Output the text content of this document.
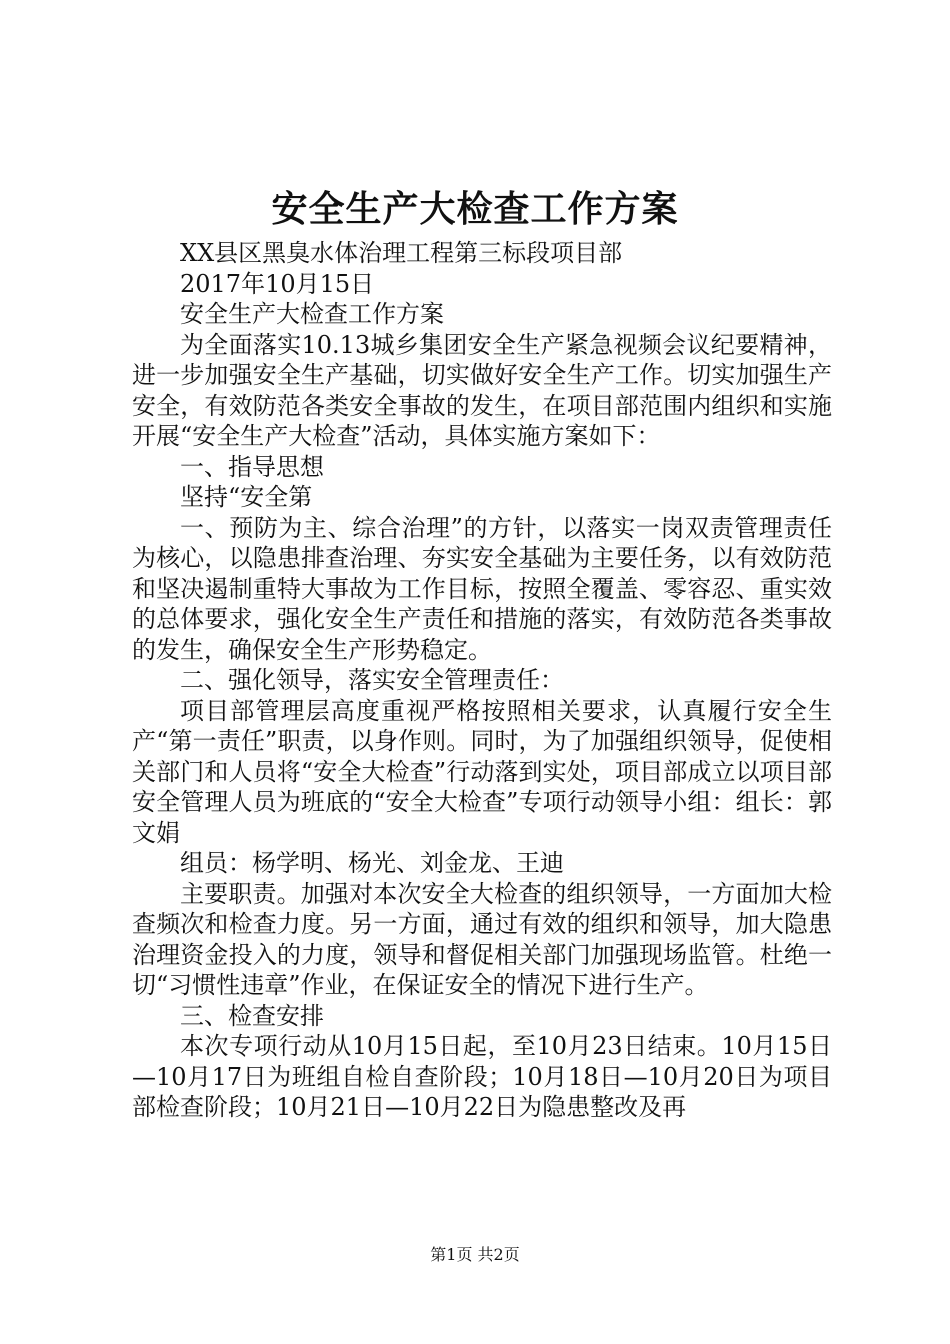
安全生产大检查工作方案

XX县区黑臭水体治理工程第三标段项目部

2017年10月15日

安全生产大检查工作方案

为全面落实10.13城乡集团安全生产紧急视频会议纪要精神，进一步加强安全生产基础，切实做好安全生产工作。切实加强生产安全，有效防范各类安全事故的发生，在项目部范围内组织和实施开展“安全生产大检查”活动，具体实施方案如下：

一、指导思想

坚持“安全第

一、预防为主、综合治理”的方针，以落实一岗双责管理责任为核心，以隐患排查治理、夯实安全基础为主要任务，以有效防范和坚决遏制重特大事故为工作目标，按照全覆盖、零容忍、重实效的总体要求，强化安全生产责任和措施的落实，有效防范各类事故的发生，确保安全生产形势稳定。

二、强化领导，落实安全管理责任：

项目部管理层高度重视严格按照相关要求，认真履行安全生产“第一责任”职责，以身作则。同时，为了加强组织领导，促使相关部门和人员将“安全大检查”行动落到实处，项目部成立以项目部安全管理人员为班底的“安全大检查”专项行动领导小组：组长：郭文娟

组员：杨学明、杨光、刘金龙、王迪

主要职责。加强对本次安全大检查的组织领导，一方面加大检查频次和检查力度。另一方面，通过有效的组织和领导，加大隐患治理资金投入的力度，领导和督促相关部门加强现场监管。杜绝一切“习惯性违章”作业，在保证安全的情况下进行生产。

三、检查安排

本次专项行动从10月15日起，至10月23日结束。10月15日—10月17日为班组自检自查阶段；10月18日—10月20日为项目部检查阶段；10月21日—10月22日为隐患整改及再

第1页 共2页
